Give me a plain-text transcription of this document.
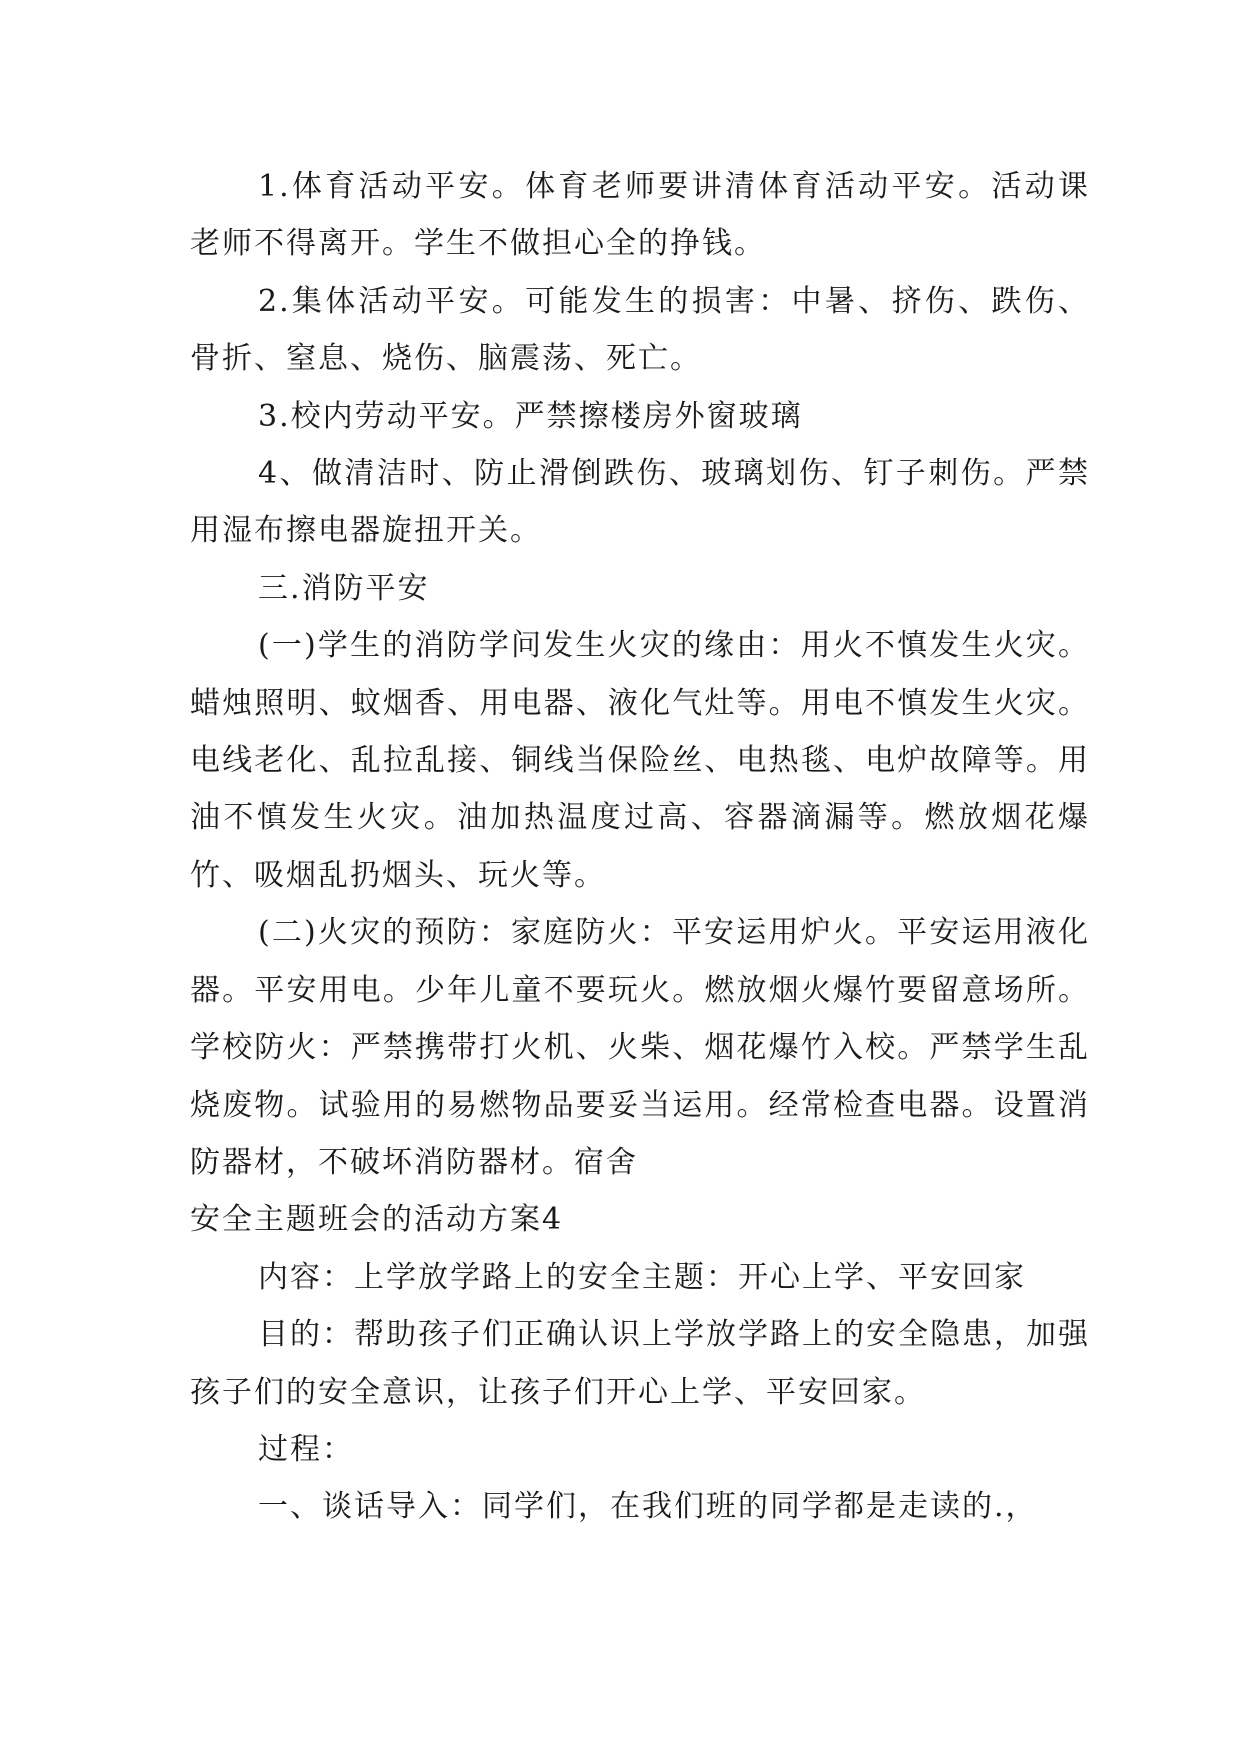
1.体育活动平安。体育老师要讲清体育活动平安。活动课老师不得离开。学生不做担心全的挣钱。

2.集体活动平安。可能发生的损害：中暑、挤伤、跌伤、骨折、窒息、烧伤、脑震荡、死亡。

3.校内劳动平安。严禁擦楼房外窗玻璃

4、做清洁时、防止滑倒跌伤、玻璃划伤、钉子刺伤。严禁用湿布擦电器旋扭开关。

三.消防平安

(一)学生的消防学问发生火灾的缘由：用火不慎发生火灾。蜡烛照明、蚊烟香、用电器、液化气灶等。用电不慎发生火灾。电线老化、乱拉乱接、铜线当保险丝、电热毯、电炉故障等。用油不慎发生火灾。油加热温度过高、容器滴漏等。燃放烟花爆竹、吸烟乱扔烟头、玩火等。

(二)火灾的预防：家庭防火：平安运用炉火。平安运用液化器。平安用电。少年儿童不要玩火。燃放烟火爆竹要留意场所。学校防火：严禁携带打火机、火柴、烟花爆竹入校。严禁学生乱烧废物。试验用的易燃物品要妥当运用。经常检查电器。设置消防器材，不破坏消防器材。宿舍

安全主题班会的活动方案4

内容：上学放学路上的安全主题：开心上学、平安回家

目的：帮助孩子们正确认识上学放学路上的安全隐患，加强孩子们的安全意识，让孩子们开心上学、平安回家。

过程：

一、谈话导入：同学们，在我们班的同学都是走读的.，
